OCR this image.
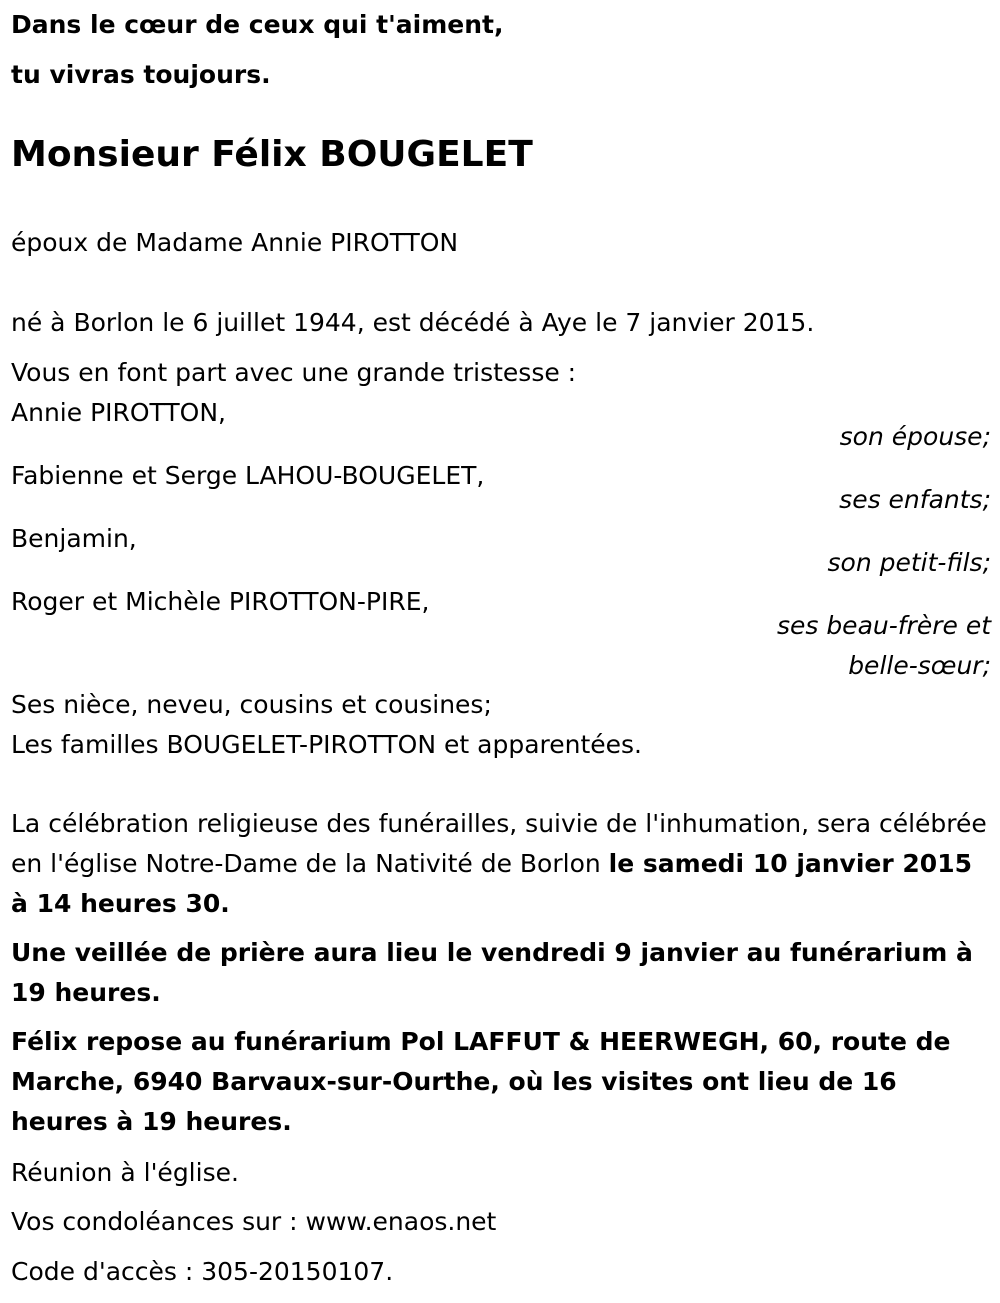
Dans le cœur de ceux qui t'aiment,
tu vivras toujours.
Monsieur Félix BOUGELET
époux de Madame Annie PIROTTON
né à Borlon le 6 juillet 1944, est décédé à Aye le 7 janvier 2015.
Vous en font part avec une grande tristesse :
Annie PIROTTON,
son épouse;
Fabienne et Serge LAHOU-BOUGELET,
ses enfants;
Benjamin,
son petit-fils;
Roger et Michèle PIROTTON-PIRE,
ses beau-frère et
belle-sœur;
Ses nièce, neveu, cousins et cousines;
Les familles BOUGELET-PIROTTON et apparentées.
La célébration religieuse des funérailles, suivie de l'inhumation, sera célébrée en l'église Notre-Dame de la Nativité de Borlon le samedi 10 janvier 2015 à 14 heures 30.
Une veillée de prière aura lieu le vendredi 9 janvier au funérarium à 19 heures.
Félix repose au funérarium Pol LAFFUT & HEERWEGH, 60, route de Marche, 6940 Barvaux-sur-Ourthe, où les visites ont lieu de 16 heures à 19 heures.
Réunion à l'église.
Vos condoléances sur : www.enaos.net
Code d'accès : 305-20150107.
